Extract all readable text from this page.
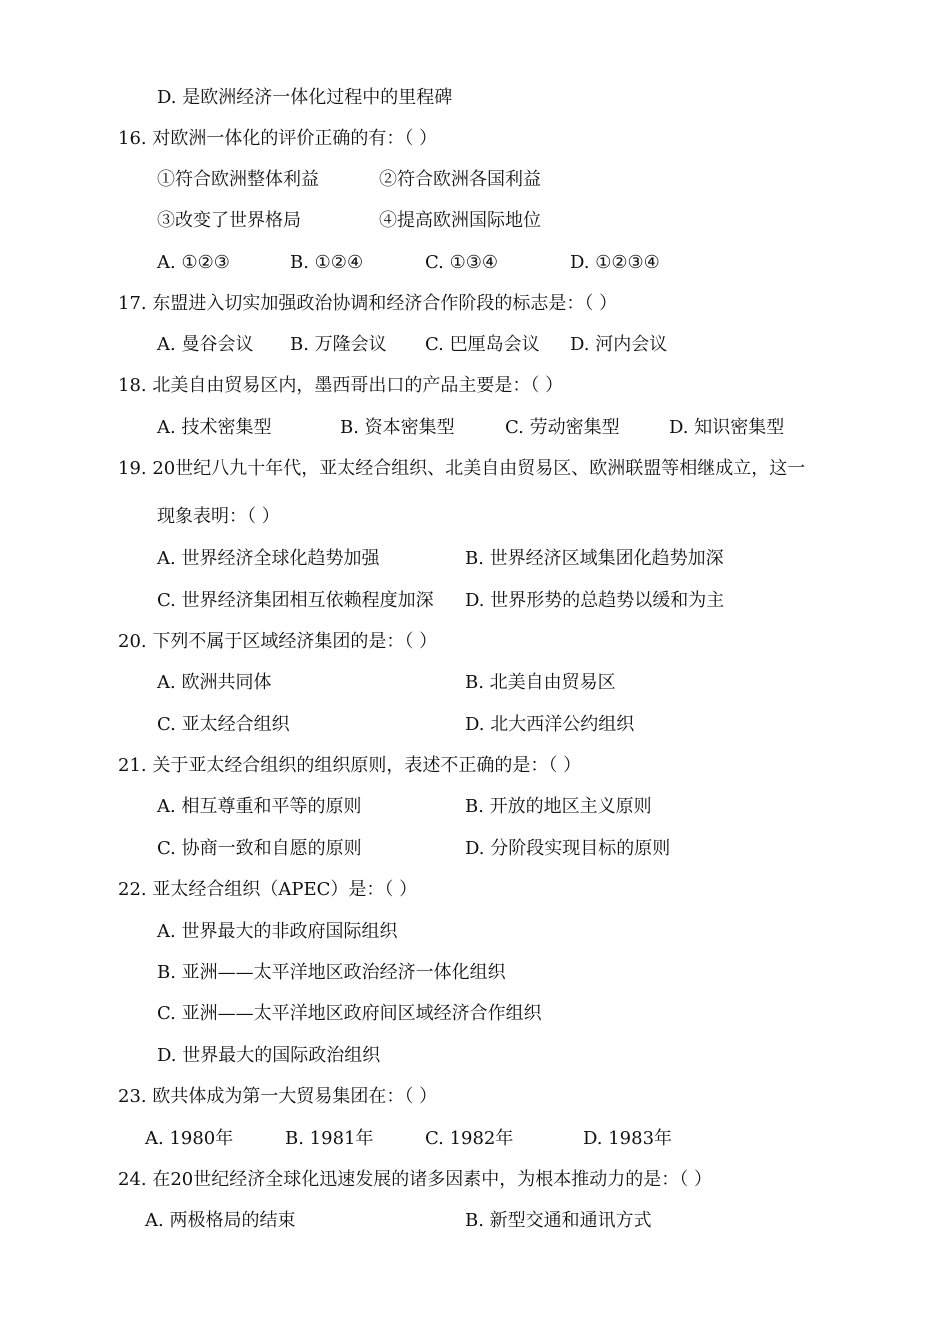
D. 是欧洲经济一体化过程中的里程碑
16. 对欧洲一体化的评价正确的有：（ ）
①符合欧洲整体利益	②符合欧洲各国利益
③改变了世界格局	④提高欧洲国际地位
A. ①②③	B. ①②④	C. ①③④	D. ①②③④
17. 东盟进入切实加强政治协调和经济合作阶段的标志是：（ ）
A. 曼谷会议 B. 万隆会议 C. 巴厘岛会议 D. 河内会议
18. 北美自由贸易区内，墨西哥出口的产品主要是：（ ）
A. 技术密集型	B. 资本密集型	C. 劳动密集型	D. 知识密集型
19. 20世纪八九十年代，亚太经合组织、北美自由贸易区、欧洲联盟等相继成立，这一
现象表明：（ ）
A. 世界经济全球化趋势加强	B. 世界经济区域集团化趋势加深
C. 世界经济集团相互依赖程度加深 D. 世界形势的总趋势以缓和为主
20. 下列不属于区域经济集团的是：（ ）
A. 欧洲共同体	B. 北美自由贸易区
C. 亚太经合组织	D. 北大西洋公约组织
21. 关于亚太经合组织的组织原则，表述不正确的是：（ ）
A. 相互尊重和平等的原则	B. 开放的地区主义原则
C. 协商一致和自愿的原则	D. 分阶段实现目标的原则
22. 亚太经合组织（APEC）是：（ ）
A. 世界最大的非政府国际组织
B. 亚洲——太平洋地区政治经济一体化组织
C. 亚洲——太平洋地区政府间区域经济合作组织
D. 世界最大的国际政治组织
23. 欧共体成为第一大贸易集团在：（ ）
A. 1980年	B. 1981年	C. 1982年	D. 1983年
24. 在20世纪经济全球化迅速发展的诸多因素中，为根本推动力的是：（ ）
A. 两极格局的结束	B. 新型交通和通讯方式
